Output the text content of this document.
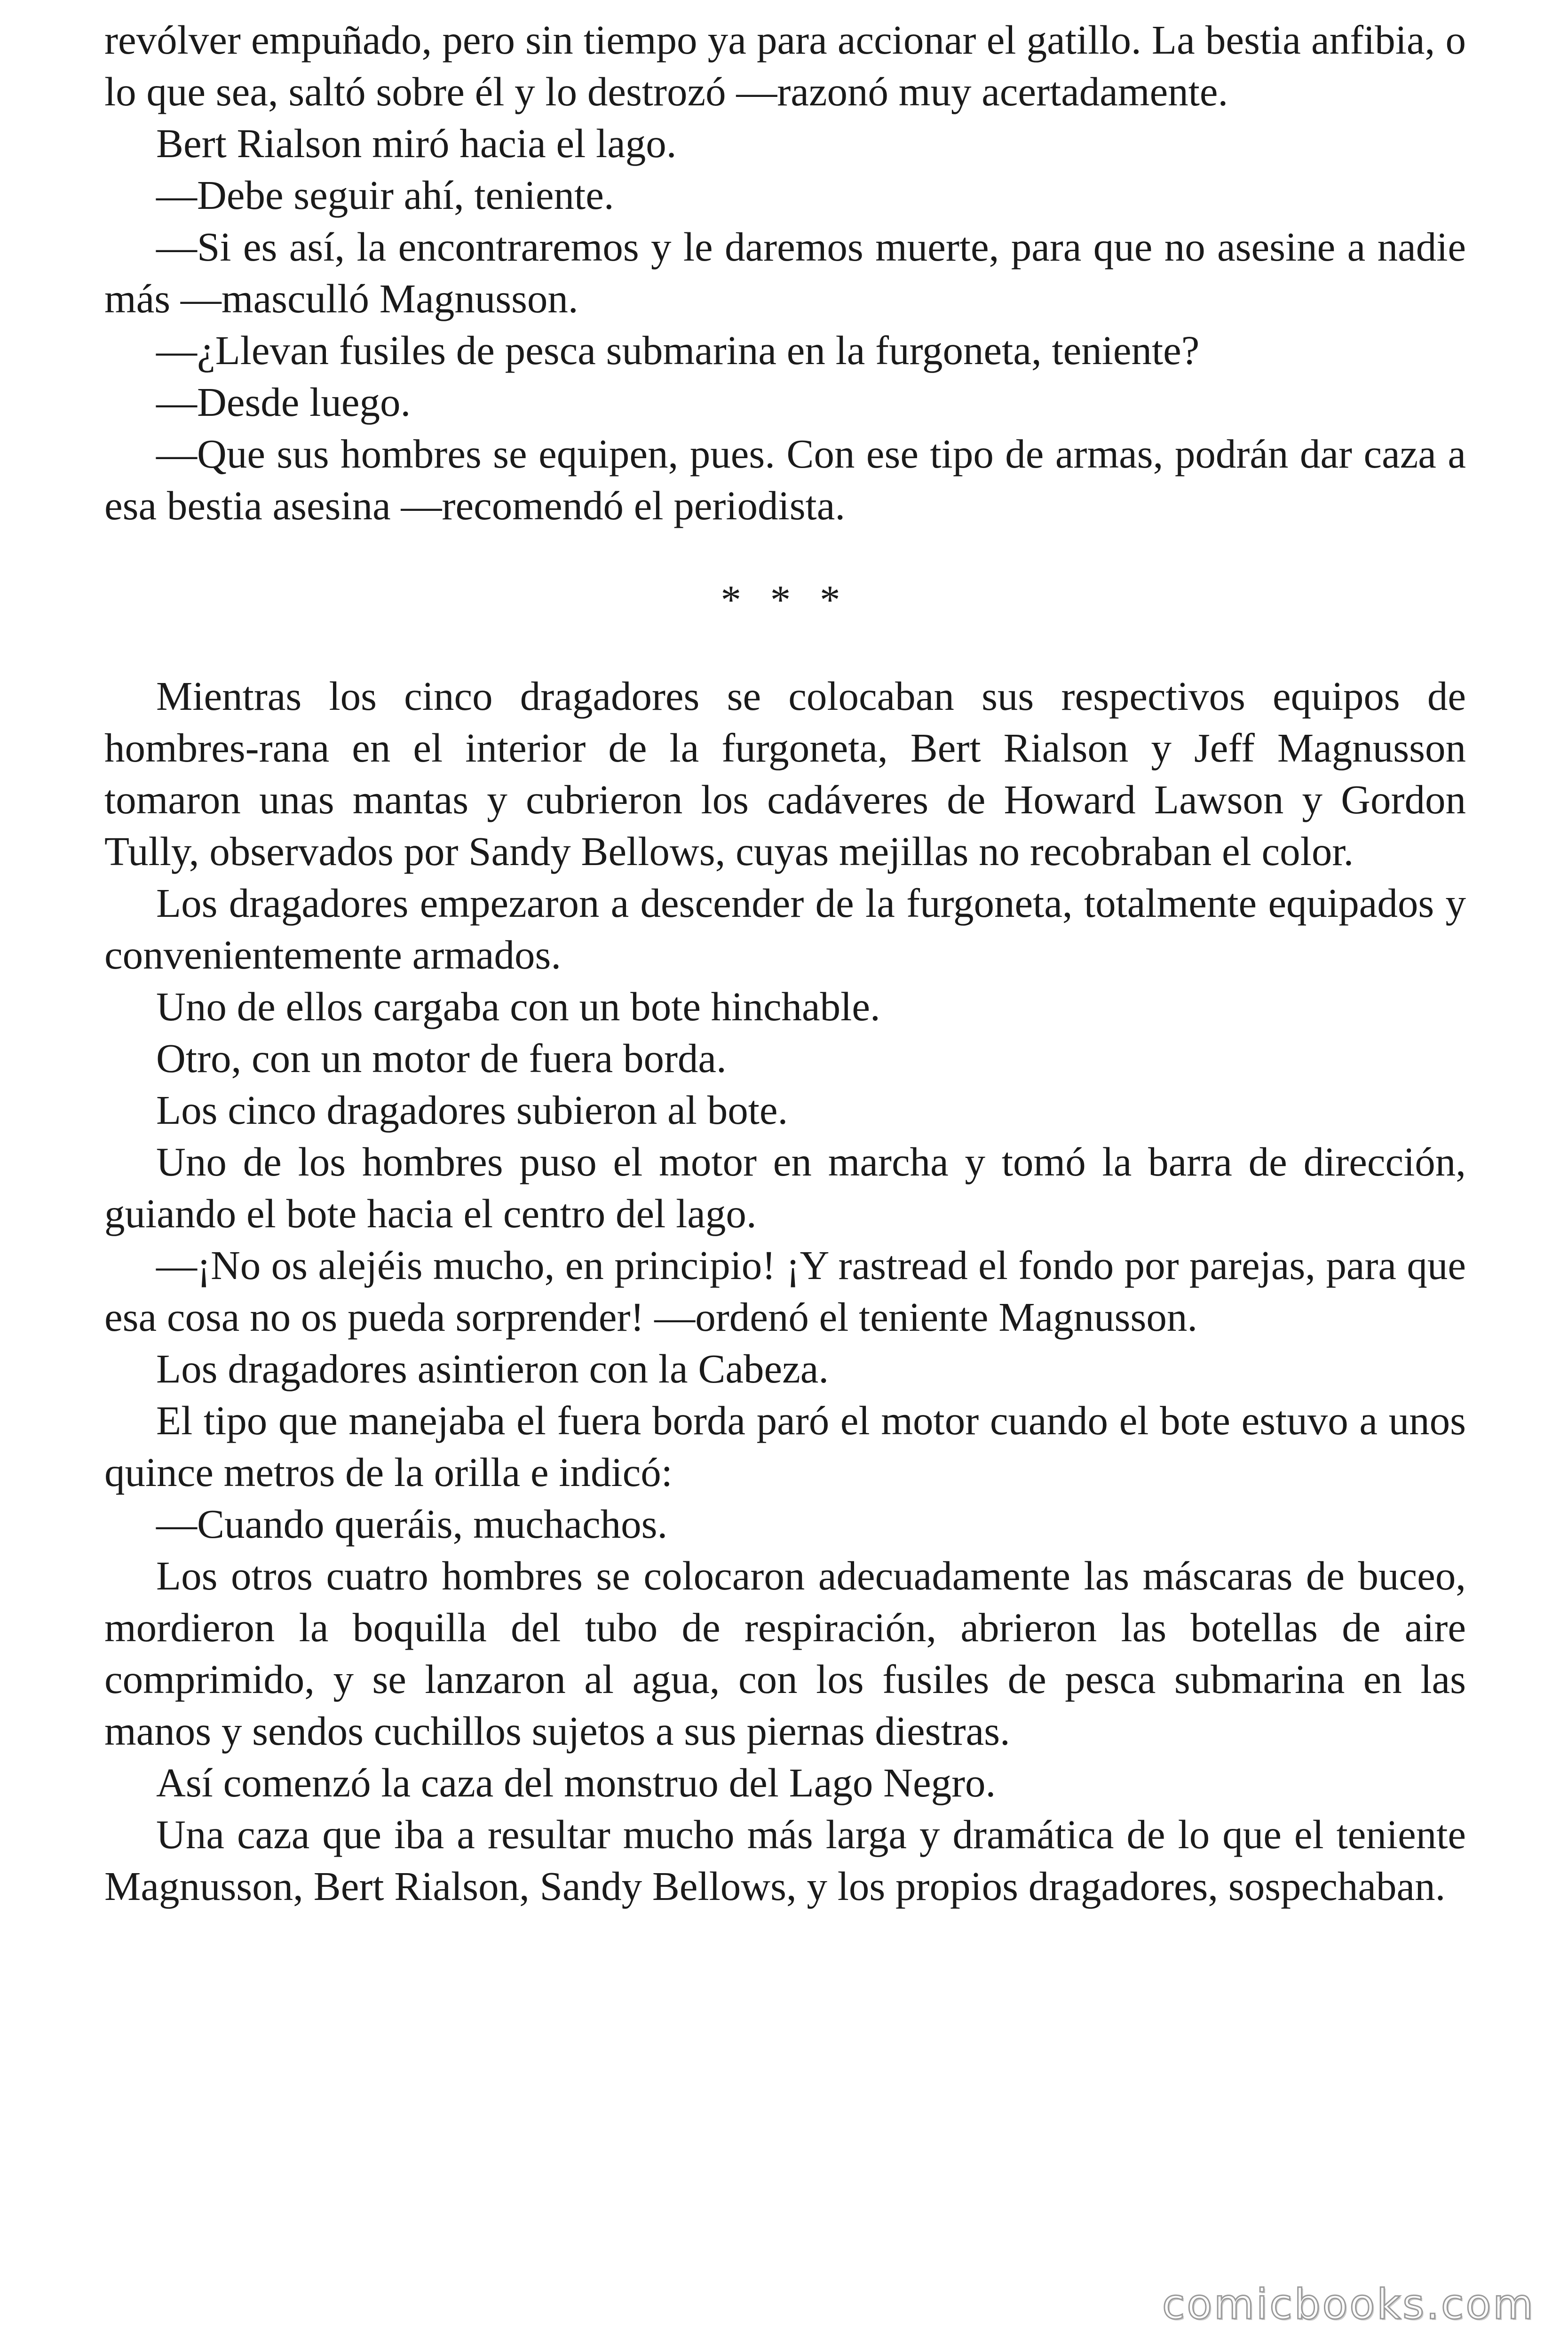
revólver empuñado, pero sin tiempo ya para accionar el gatillo. La bestia anfibia, o lo que sea, saltó sobre él y lo destrozó —razonó muy acertadamente.

Bert Rialson miró hacia el lago.

—Debe seguir ahí, teniente.

—Si es así, la encontraremos y le daremos muerte, para que no asesine a nadie más —masculló Magnusson.

—¿Llevan fusiles de pesca submarina en la furgoneta, teniente?

—Desde luego.

—Que sus hombres se equipen, pues. Con ese tipo de armas, podrán dar caza a esa bestia asesina —recomendó el periodista.

* * *

Mientras los cinco dragadores se colocaban sus respectivos equipos de hombres-rana en el interior de la furgoneta, Bert Rialson y Jeff Magnusson tomaron unas mantas y cubrieron los cadáveres de Howard Lawson y Gordon Tully, observados por Sandy Bellows, cuyas mejillas no recobraban el color.

Los dragadores empezaron a descender de la furgoneta, totalmente equipados y convenientemente armados.

Uno de ellos cargaba con un bote hinchable.

Otro, con un motor de fuera borda.

Los cinco dragadores subieron al bote.

Uno de los hombres puso el motor en marcha y tomó la barra de dirección, guiando el bote hacia el centro del lago.

—¡No os alejéis mucho, en principio! ¡Y rastread el fondo por parejas, para que esa cosa no os pueda sorprender! —ordenó el teniente Magnusson.

Los dragadores asintieron con la Cabeza.

El tipo que manejaba el fuera borda paró el motor cuando el bote estuvo a unos quince metros de la orilla e indicó:

—Cuando queráis, muchachos.

Los otros cuatro hombres se colocaron adecuadamente las máscaras de buceo, mordieron la boquilla del tubo de respiración, abrieron las botellas de aire comprimido, y se lanzaron al agua, con los fusiles de pesca submarina en las manos y sendos cuchillos sujetos a sus piernas diestras.

Así comenzó la caza del monstruo del Lago Negro.

Una caza que iba a resultar mucho más larga y dramática de lo que el teniente Magnusson, Bert Rialson, Sandy Bellows, y los propios dragadores, sospechaban.

comicbooks.com
